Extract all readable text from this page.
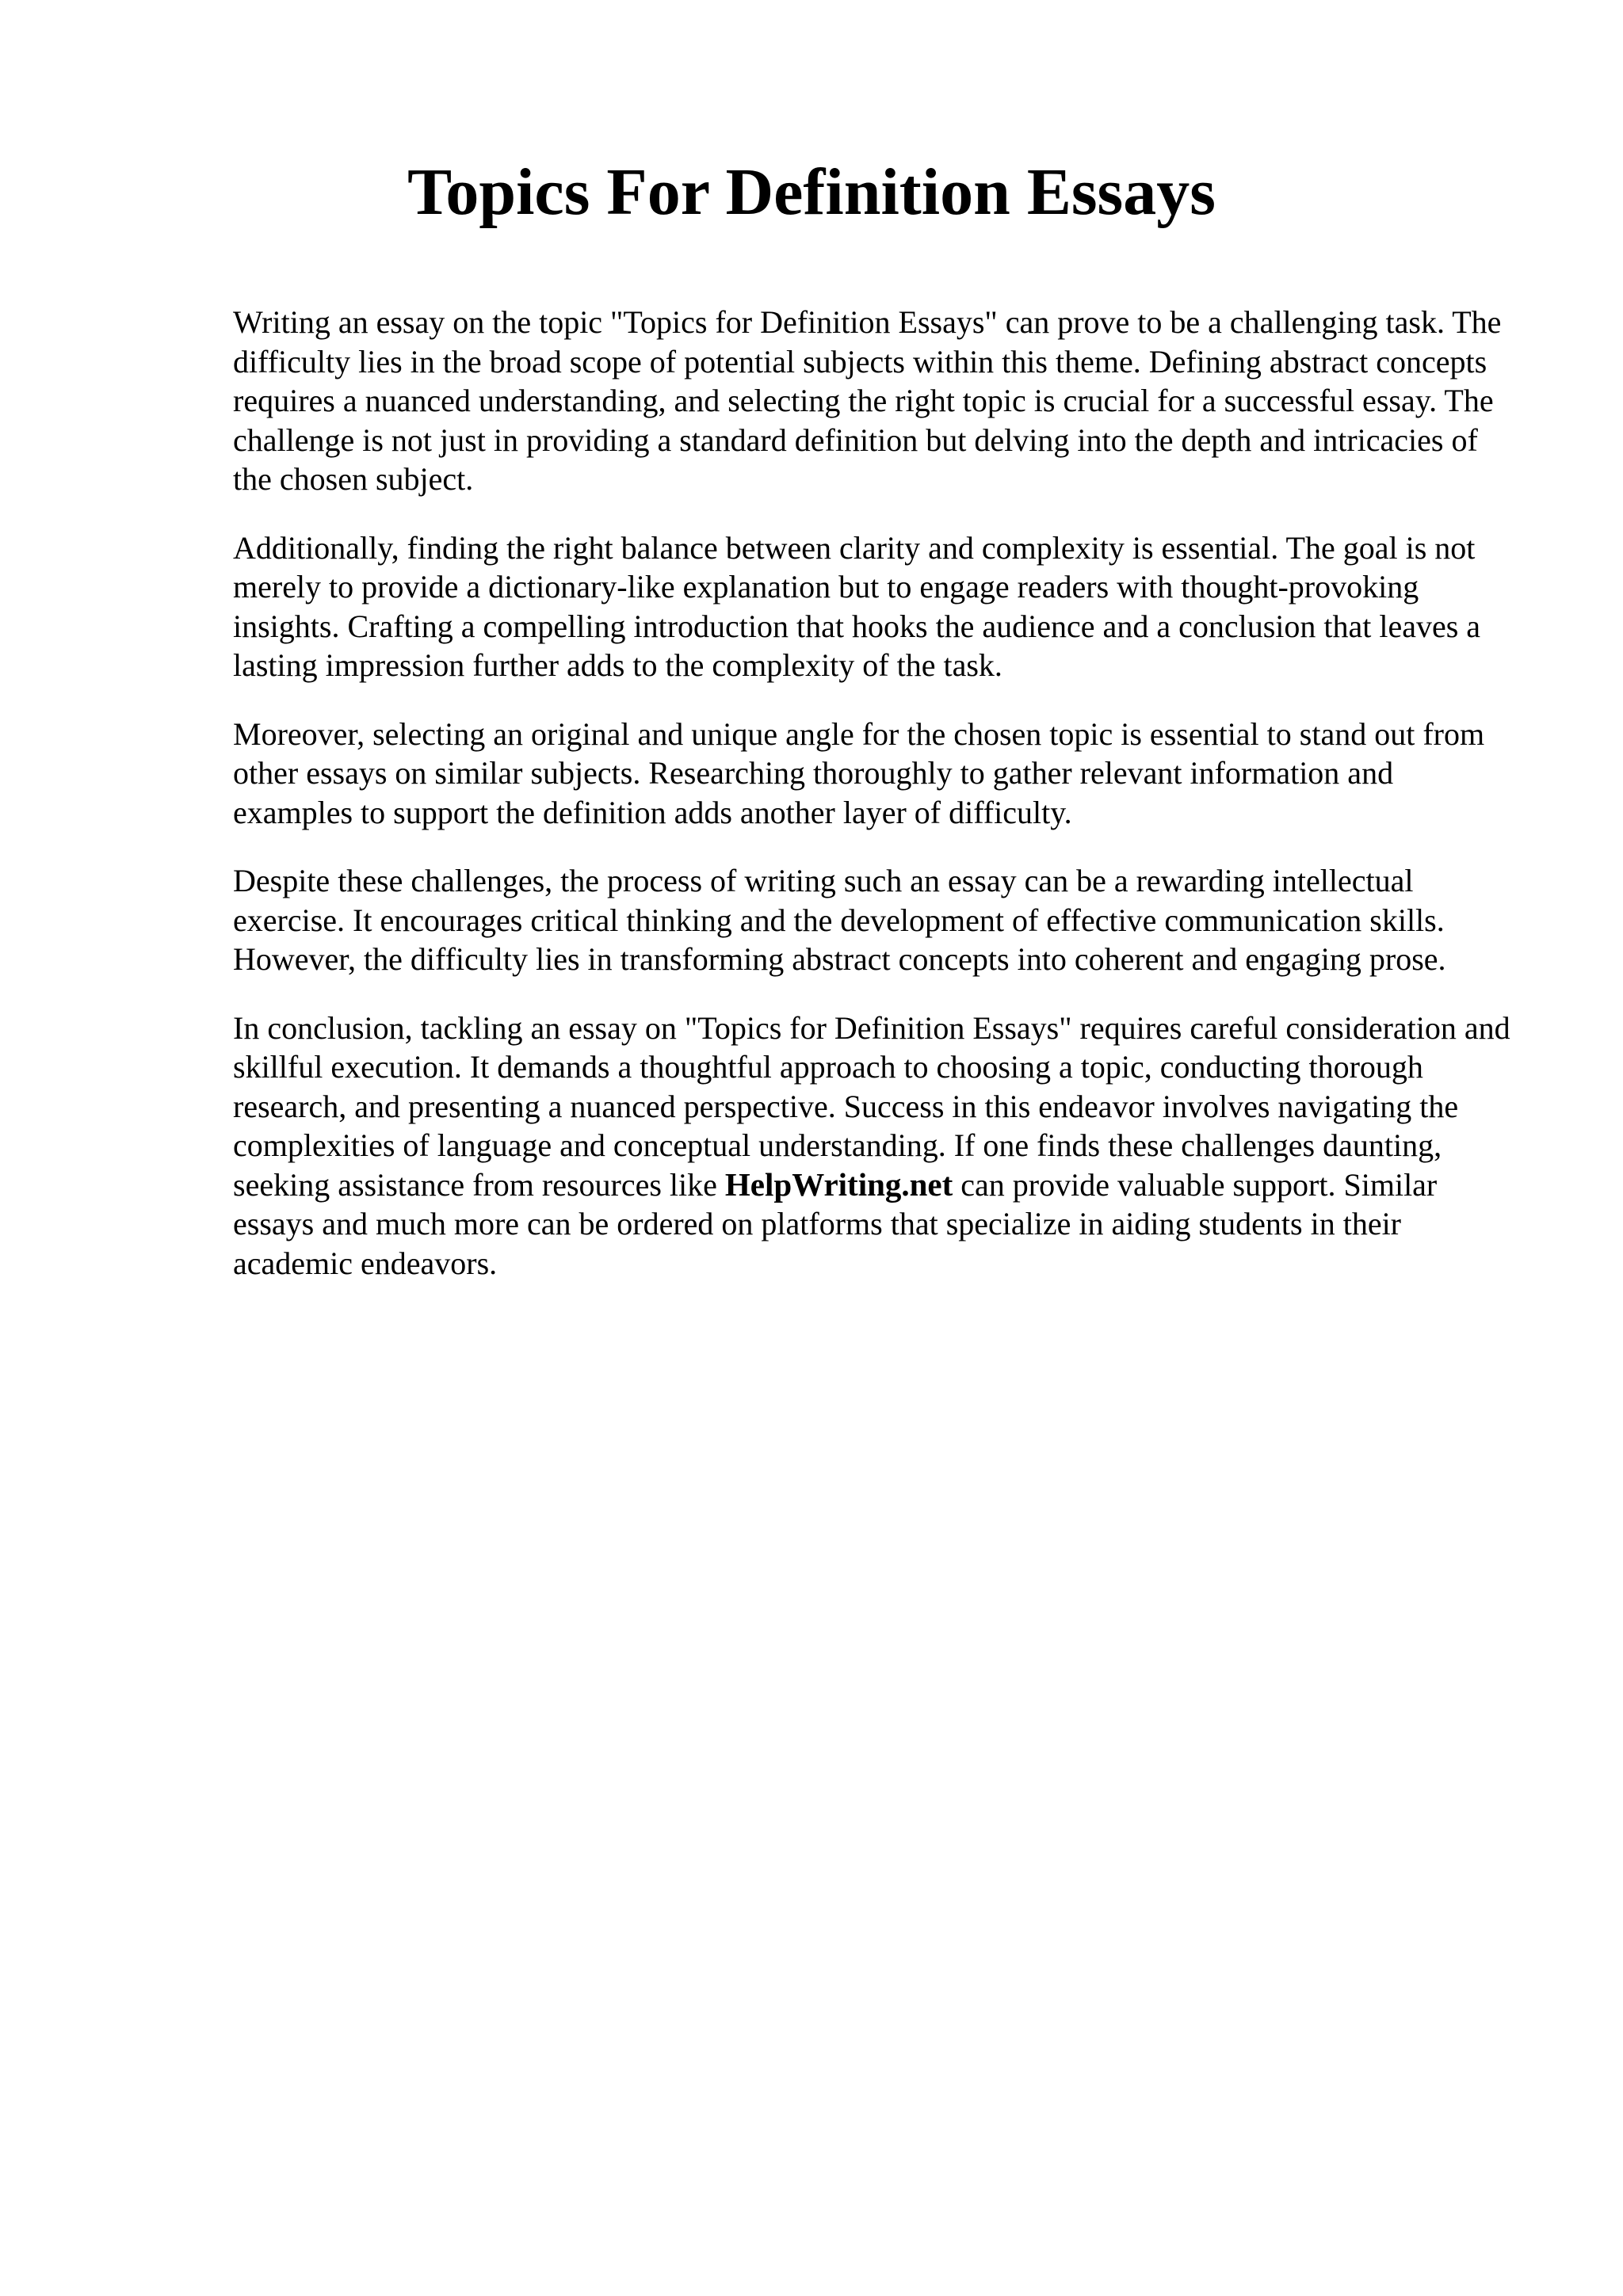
Topics For Definition Essays

Writing an essay on the topic "Topics for Definition Essays" can prove to be a challenging task. The difficulty lies in the broad scope of potential subjects within this theme. Defining abstract concepts requires a nuanced understanding, and selecting the right topic is crucial for a successful essay. The challenge is not just in providing a standard definition but delving into the depth and intricacies of the chosen subject.

Additionally, finding the right balance between clarity and complexity is essential. The goal is not merely to provide a dictionary-like explanation but to engage readers with thought-provoking insights. Crafting a compelling introduction that hooks the audience and a conclusion that leaves a lasting impression further adds to the complexity of the task.

Moreover, selecting an original and unique angle for the chosen topic is essential to stand out from other essays on similar subjects. Researching thoroughly to gather relevant information and examples to support the definition adds another layer of difficulty.

Despite these challenges, the process of writing such an essay can be a rewarding intellectual exercise. It encourages critical thinking and the development of effective communication skills. However, the difficulty lies in transforming abstract concepts into coherent and engaging prose.

In conclusion, tackling an essay on "Topics for Definition Essays" requires careful consideration and skillful execution. It demands a thoughtful approach to choosing a topic, conducting thorough research, and presenting a nuanced perspective. Success in this endeavor involves navigating the complexities of language and conceptual understanding. If one finds these challenges daunting, seeking assistance from resources like HelpWriting.net can provide valuable support. Similar essays and much more can be ordered on platforms that specialize in aiding students in their academic endeavors.
